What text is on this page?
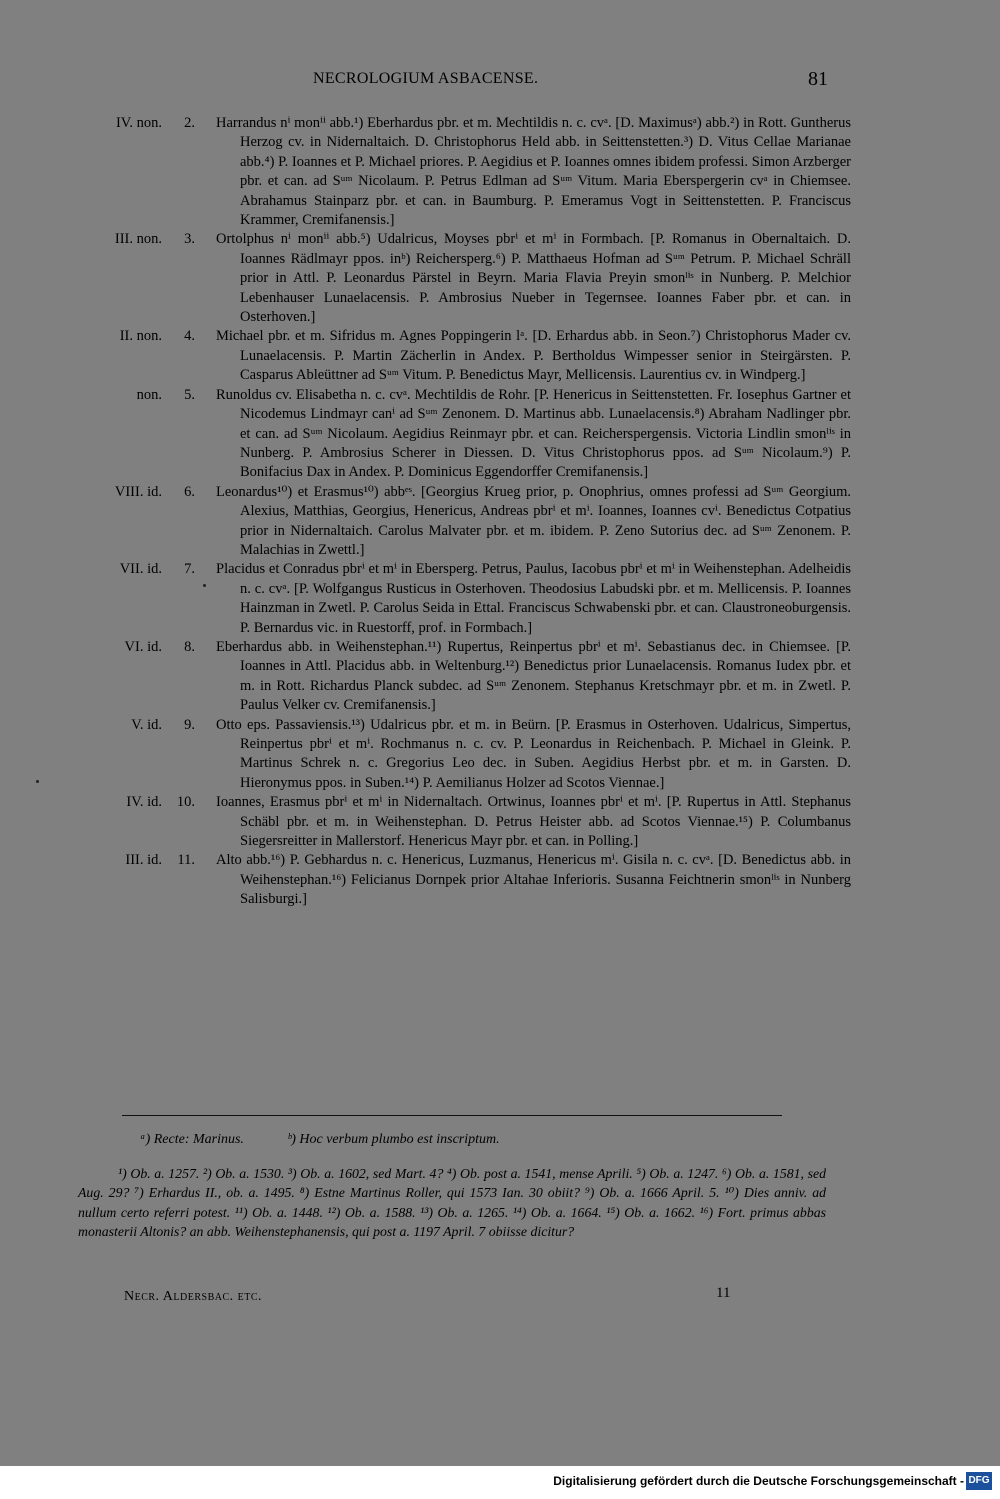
NECROLOGIUM ASBACENSE.	81
IV. non. 2. Harrandus nⁱ monⁱⁱ abb.¹) Eberhardus pbr. et m. Mechtildis n. c. cvᵃ. [D. Maximusᵃ) abb.²) in Rott. Guntherus Herzog cv. in Nidernaltaich. D. Christophorus Held abb. in Seittenstetten.³) D. Vitus Cellae Marianae abb.⁴) P. Ioannes et P. Michael priores. P. Aegidius et P. Ioannes omnes ibidem professi. Simon Arzberger pbr. et can. ad Sᵘᵐ Nicolaum. P. Petrus Edlman ad Sᵘᵐ Vitum. Maria Eberspergerin cvᵃ in Chiemsee. Abrahamus Stainparz pbr. et can. in Baumburg. P. Emeramus Vogt in Seittenstetten. P. Franciscus Krammer, Cremifanensis.]
III. non. 3. Ortolphus nⁱ monⁱⁱ abb.⁵) Udalricus, Moyses pbrⁱ et mⁱ in Formbach. [P. Romanus in Obernaltaich. D. Ioannes Rädlmayr ppos. inᵇ) Reichersperg.⁶) P. Matthaeus Hofman ad Sᵘᵐ Petrum. P. Michael Schräll prior in Attl. P. Leonardus Pärstel in Beyrn. Maria Flavia Preyin smonˡⁱˢ in Nunberg. P. Melchior Lebenhauser Lunaelacensis. P. Ambrosius Nueber in Tegernsee. Ioannes Faber pbr. et can. in Osterhoven.]
II. non. 4. Michael pbr. et m. Sifridus m. Agnes Poppingerin lᵃ. [D. Erhardus abb. in Seon.⁷) Christophorus Mader cv. Lunaelacensis. P. Martin Zächerlin in Andex. P. Bertholdus Wimpesser senior in Steirgärsten. P. Casparus Ableüttner ad Sᵘᵐ Vitum. P. Benedictus Mayr, Mellicensis. Laurentius cv. in Windperg.]
non. 5. Runoldus cv. Elisabetha n. c. cvᵃ. Mechtildis de Rohr. [P. Henericus in Seittenstetten. Fr. Iosephus Gartner et Nicodemus Lindmayr canⁱ ad Sᵘᵐ Zenonem. D. Martinus abb. Lunaelacensis.⁸) Abraham Nadlinger pbr. et can. ad Sᵘᵐ Nicolaum. Aegidius Reinmayr pbr. et can. Reicherspergensis. Victoria Lindlin smonˡⁱˢ in Nunberg. P. Ambrosius Scherer in Diessen. D. Vitus Christophorus ppos. ad Sᵘᵐ Nicolaum.⁹) P. Bonifacius Dax in Andex. P. Dominicus Eggendorffer Cremifanensis.]
VIII. id. 6. Leonardus¹⁰) et Erasmus¹⁰) abbᵉˢ. [Georgius Krueg prior, p. Onophrius, omnes professi ad Sᵘᵐ Georgium. Alexius, Matthias, Georgius, Henericus, Andreas pbrⁱ et mⁱ. Ioannes, Ioannes cvⁱ. Benedictus Cotpatius prior in Nidernaltaich. Carolus Malvater pbr. et m. ibidem. P. Zeno Sutorius dec. ad Sᵘᵐ Zenonem. P. Malachias in Zwettl.]
VII. id. 7. Placidus et Conradus pbrⁱ et mⁱ in Ebersperg. Petrus, Paulus, Iacobus pbrⁱ et mⁱ in Weihenstephan. Adelheidis n. c. cvᵃ. [P. Wolfgangus Rusticus in Osterhoven. Theodosius Labudski pbr. et m. Mellicensis. P. Ioannes Hainzman in Zwetl. P. Carolus Seida in Ettal. Franciscus Schwabenski pbr. et can. Claustroneoburgensis. P. Bernardus vic. in Ruestorff, prof. in Formbach.]
VI. id. 8. Eberhardus abb. in Weihenstephan.¹¹) Rupertus, Reinpertus pbrⁱ et mⁱ. Sebastianus dec. in Chiemsee. [P. Ioannes in Attl. Placidus abb. in Weltenburg.¹²) Benedictus prior Lunaelacensis. Romanus Iudex pbr. et m. in Rott. Richardus Planck subdec. ad Sᵘᵐ Zenonem. Stephanus Kretschmayr pbr. et m. in Zwetl. P. Paulus Velker cv. Cremifanensis.]
V. id. 9. Otto eps. Passaviensis.¹³) Udalricus pbr. et m. in Beürn. [P. Erasmus in Osterhoven. Udalricus, Simpertus, Reinpertus pbrⁱ et mⁱ. Rochmanus n. c. cv. P. Leonardus in Reichenbach. P. Michael in Gleink. P. Martinus Schrek n. c. Gregorius Leo dec. in Suben. Aegidius Herbst pbr. et m. in Garsten. D. Hieronymus ppos. in Suben.¹⁴) P. Aemilianus Holzer ad Scotos Viennae.]
IV. id. 10. Ioannes, Erasmus pbrⁱ et mⁱ in Nidernaltach. Ortwinus, Ioannes pbrⁱ et mⁱ. [P. Rupertus in Attl. Stephanus Schäbl pbr. et m. in Weihenstephan. D. Petrus Heister abb. ad Scotos Viennae.¹⁵) P. Columbanus Siegersreitter in Mallerstorf. Henericus Mayr pbr. et can. in Polling.]
III. id. 11. Alto abb.¹⁶) P. Gebhardus n. c. Henericus, Luzmanus, Henericus mⁱ. Gisila n. c. cvᵃ. [D. Benedictus abb. in Weihenstephan.¹⁶) Felicianus Dornpek prior Altahae Inferioris. Susanna Feichtnerin smonˡⁱˢ in Nunberg Salisburgi.]
ᵃ) Recte: Marinus.	ᵇ) Hoc verbum plumbo est inscriptum.
¹) Ob. a. 1257. ²) Ob. a. 1530. ³) Ob. a. 1602, sed Mart. 4? ⁴) Ob. post a. 1541, mense Aprili. ⁵) Ob. a. 1247. ⁶) Ob. a. 1581, sed Aug. 29? ⁷) Erhardus II., ob. a. 1495. ⁸) Estne Martinus Roller, qui 1573 Ian. 30 obiit? ⁹) Ob. a. 1666 April. 5. ¹⁰) Dies anniv. ad nullum certo referri potest. ¹¹) Ob. a. 1448. ¹²) Ob. a. 1588. ¹³) Ob. a. 1265. ¹⁴) Ob. a. 1664. ¹⁵) Ob. a. 1662. ¹⁶) Fort. primus abbas monasterii Altonis? an abb. Weihenstephanensis, qui post a. 1197 April. 7 obiisse dicitur?
Necr. Aldersbac. etc.	11
Digitalisierung gefördert durch die Deutsche Forschungsgemeinschaft - DFG
